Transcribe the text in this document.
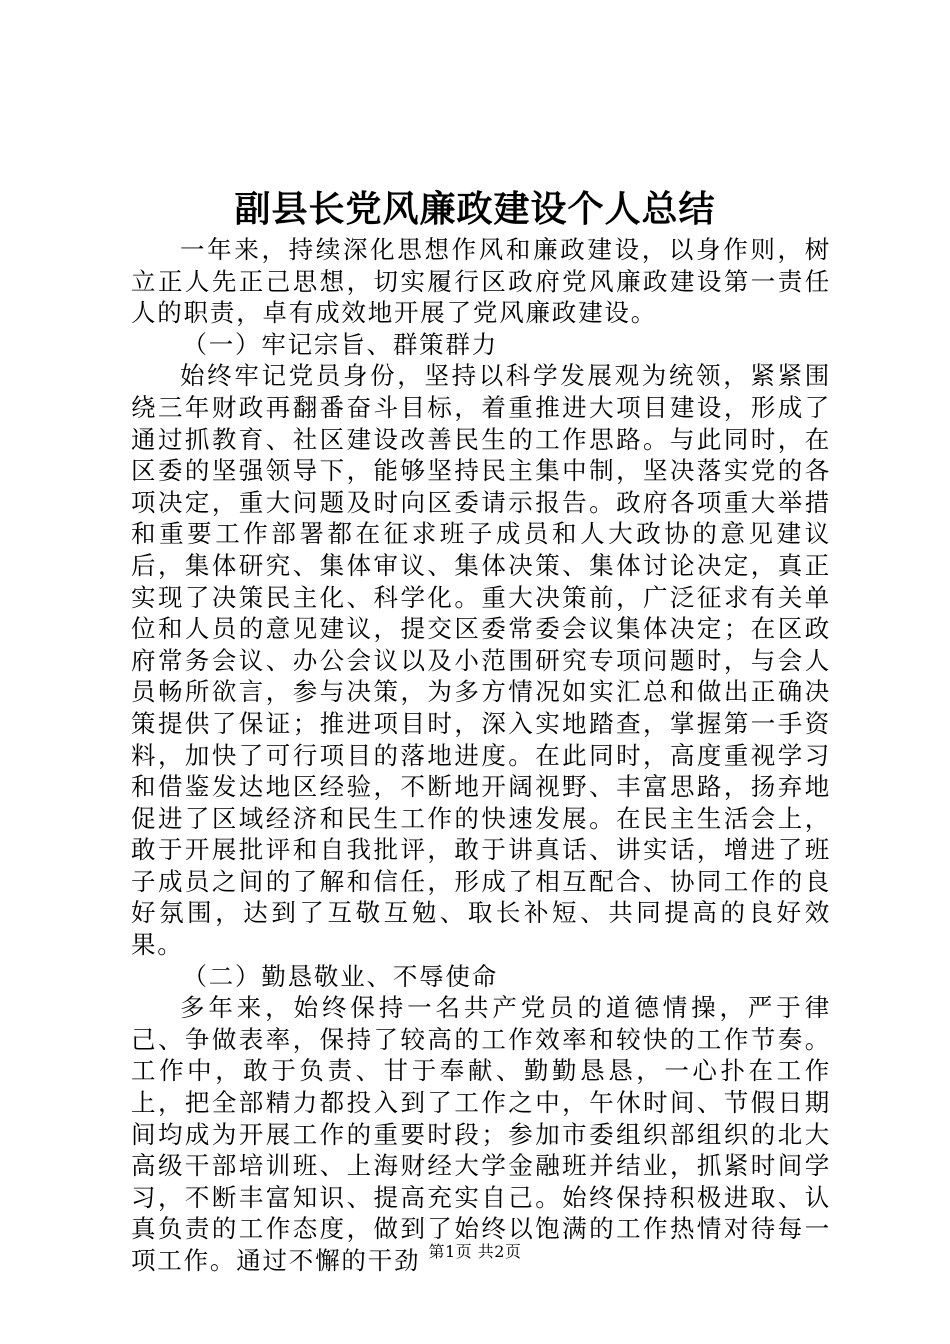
副县长党风廉政建设个人总结

一年来，持续深化思想作风和廉政建设，以身作则，树立正人先正己思想，切实履行区政府党风廉政建设第一责任人的职责，卓有成效地开展了党风廉政建设。

（一）牢记宗旨、群策群力

始终牢记党员身份，坚持以科学发展观为统领，紧紧围绕三年财政再翻番奋斗目标，着重推进大项目建设，形成了通过抓教育、社区建设改善民生的工作思路。与此同时，在区委的坚强领导下，能够坚持民主集中制，坚决落实党的各项决定，重大问题及时向区委请示报告。政府各项重大举措和重要工作部署都在征求班子成员和人大政协的意见建议后，集体研究、集体审议、集体决策、集体讨论决定，真正实现了决策民主化、科学化。重大决策前，广泛征求有关单位和人员的意见建议，提交区委常委会议集体决定；在区政府常务会议、办公会议以及小范围研究专项问题时，与会人员畅所欲言，参与决策，为多方情况如实汇总和做出正确决策提供了保证；推进项目时，深入实地踏查，掌握第一手资料，加快了可行项目的落地进度。在此同时，高度重视学习和借鉴发达地区经验，不断地开阔视野、丰富思路，扬弃地促进了区域经济和民生工作的快速发展。在民主生活会上，敢于开展批评和自我批评，敢于讲真话、讲实话，增进了班子成员之间的了解和信任，形成了相互配合、协同工作的良好氛围，达到了互敬互勉、取长补短、共同提高的良好效果。

（二）勤恳敬业、不辱使命

多年来，始终保持一名共产党员的道德情操，严于律己、争做表率，保持了较高的工作效率和较快的工作节奏。工作中，敢于负责、甘于奉献、勤勤恳恳，一心扑在工作上，把全部精力都投入到了工作之中，午休时间、节假日期间均成为开展工作的重要时段；参加市委组织部组织的北大高级干部培训班、上海财经大学金融班并结业，抓紧时间学习，不断丰富知识、提高充实自己。始终保持积极进取、认真负责的工作态度，做到了始终以饱满的工作热情对待每一项工作。通过不懈的干劲 第1页 共2页
